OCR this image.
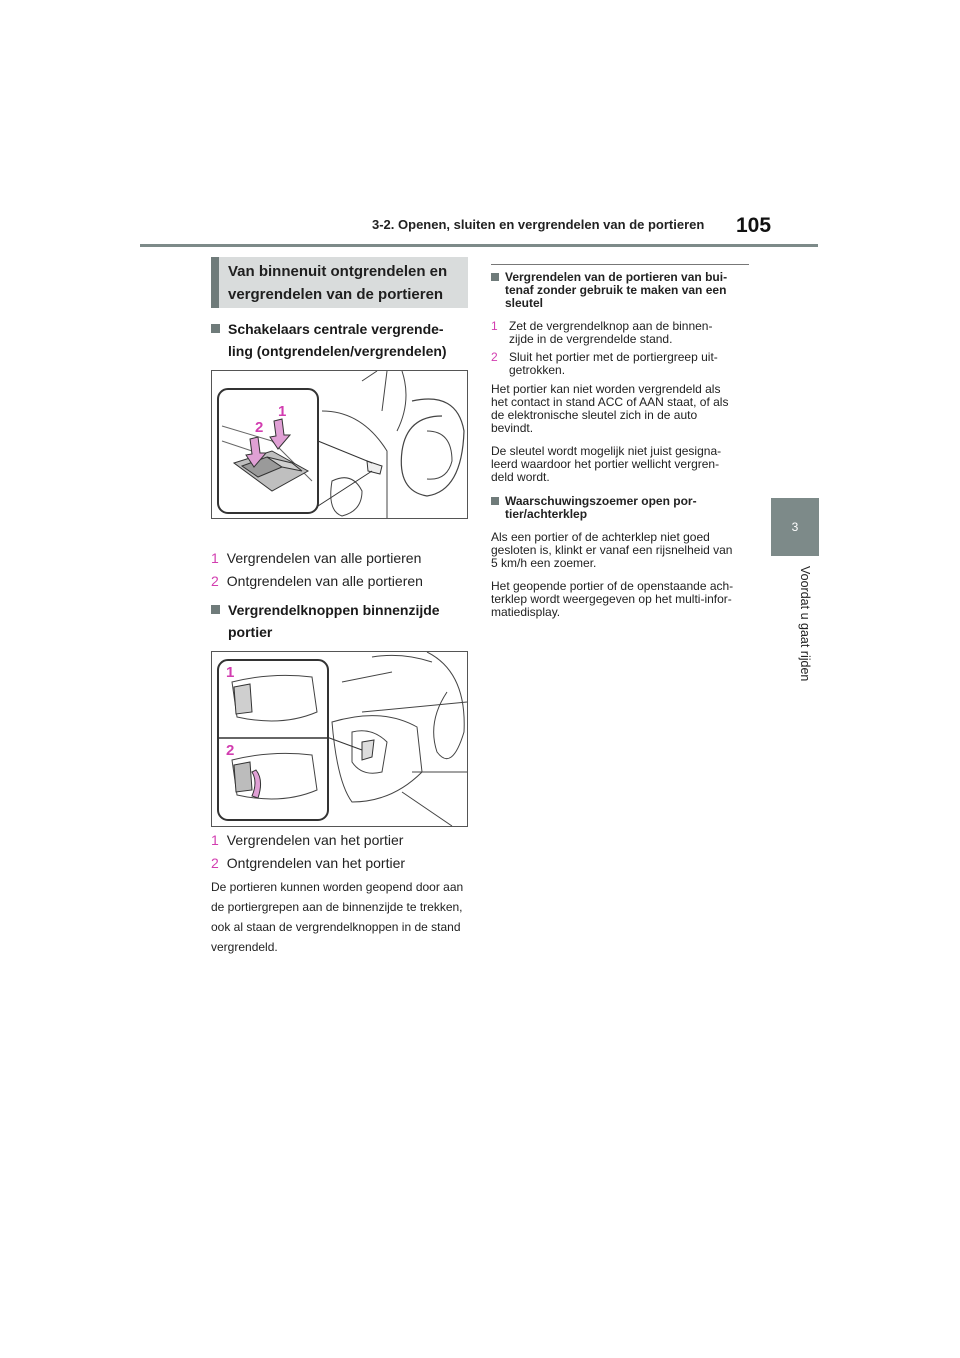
3-2. Openen, sluiten en vergrendelen van de portieren 105
3
Voordat u gaat rijden
Van binnenuit ontgrendelen en
vergrendelen van de portieren
Schakelaars centrale vergrende-
ling (ontgrendelen/vergrendelen)
1
2
1 Vergrendelen van alle portieren
2 Ontgrendelen van alle portieren
Vergrendelknoppen binnenzijde
portier
1
2
1 Vergrendelen van het portier
2 Ontgrendelen van het portier
De portieren kunnen worden geopend door aan de portiergrepen aan de binnenzijde te trekken, ook al staan de vergrendelknoppen in de stand vergrendeld.
Vergrendelen van de portieren van bui-
tenaf zonder gebruik te maken van een
sleutel
1 Zet de vergrendelknop aan de binnen-
zijde in de vergrendelde stand.
2 Sluit het portier met de portiergreep uit-
getrokken.
Het portier kan niet worden vergrendeld als
het contact in stand ACC of AAN staat, of als
de elektronische sleutel zich in de auto
bevindt.
De sleutel wordt mogelijk niet juist gesigna-
leerd waardoor het portier wellicht vergren-
deld wordt.
Waarschuwingszoemer open por-
tier/achterklep
Als een portier of de achterklep niet goed
gesloten is, klinkt er vanaf een rijsnelheid van
5 km/h een zoemer.
Het geopende portier of de openstaande ach-
terklep wordt weergegeven op het multi-infor-
matiedisplay.
